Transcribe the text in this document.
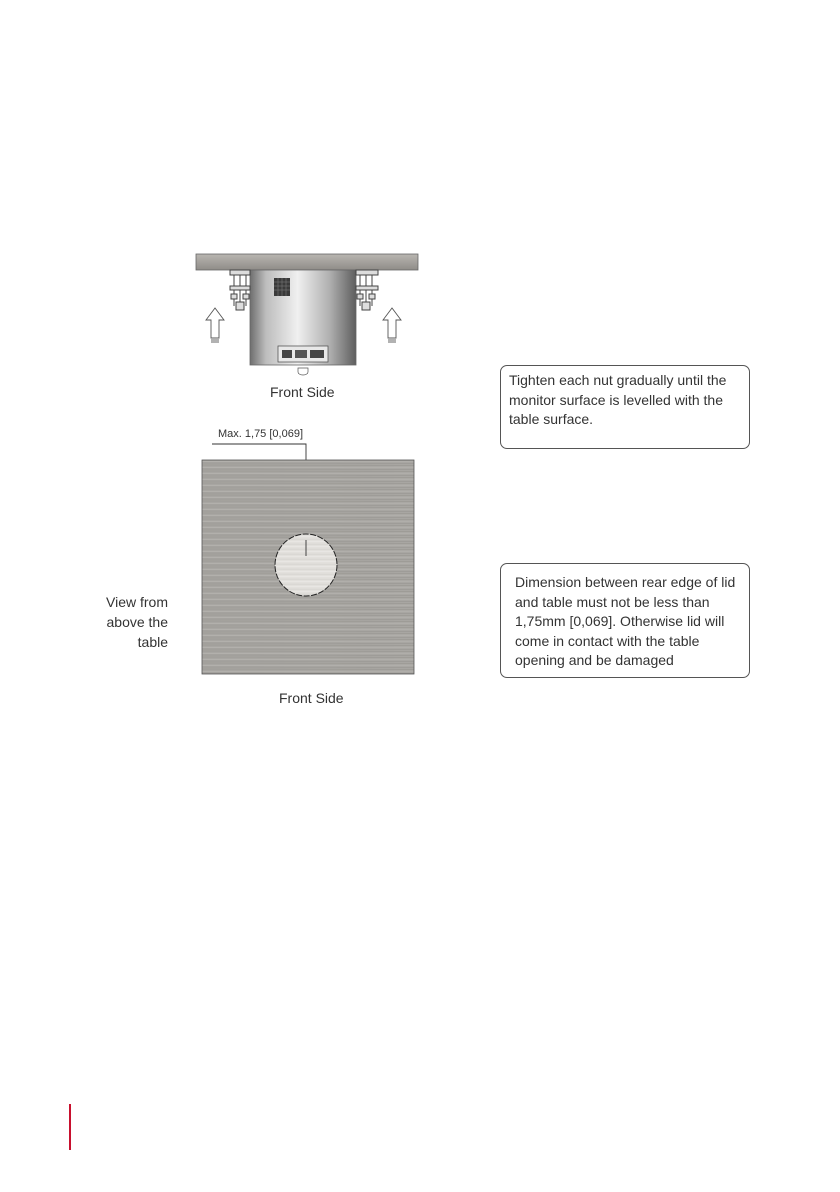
Front Side
Max. 1,75 [0,069]
View from above the table
Front Side
Tighten each nut gradually until the monitor surface is levelled with the table surface.
Dimension between rear edge of lid and table must not be less than 1,75mm [0,069]. Otherwise lid will come in contact with the table opening and be damaged
